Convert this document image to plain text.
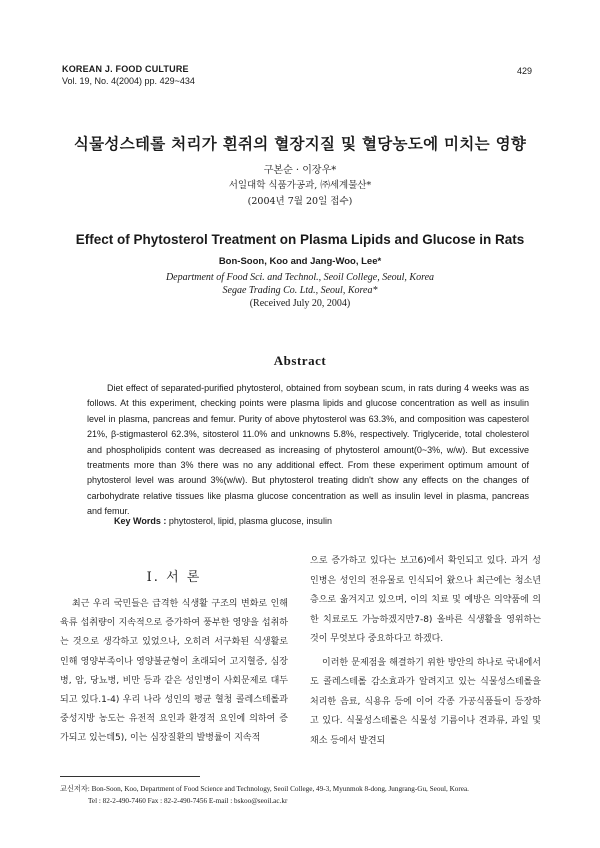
KOREAN J. FOOD CULTURE
Vol. 19, No. 4(2004) pp. 429~434
429
식물성스테롤 처리가 흰쥐의 혈장지질 및 혈당농도에 미치는 영향
구본순 · 이장우*
서일대학 식품가공과, ㈜세계물산*
(2004년 7월 20일 접수)
Effect of Phytosterol Treatment on Plasma Lipids and Glucose in Rats
Bon-Soon, Koo and Jang-Woo, Lee*
Department of Food Sci. and Technol., Seoil College, Seoul, Korea
Segae Trading Co. Ltd., Seoul, Korea*
(Received July 20, 2004)
Abstract

Diet effect of separated-purified phytosterol, obtained from soybean scum, in rats during 4 weeks was as follows. At this experiment, checking points were plasma lipids and glucose concentration as well as insulin level in plasma, pancreas and femur. Purity of above phytosterol was 63.3%, and composition was capesterol 21%, β-stigmasterol 62.3%, sitosterol 11.0% and unknowns 5.8%, respectively. Triglyceride, total cholesterol and phospholipids content was decreased as increasing of phytosterol amount(0~3%, w/w). But excessive treatments more than 3% there was no any additional effect. From these experiment optimum amount of phytosterol level was around 3%(w/w). But phytosterol treating didn't show any effects on the changes of carbohydrate relative tissues like plasma glucose concentration as well as insulin level in plasma, pancreas and femur.

Key Words : phytosterol, lipid, plasma glucose, insulin
I. 서 론

최근 우리 국민들은 급격한 식생활 구조의 변화로 인해 육류 섭취량이 지속적으로 증가하여 풍부한 영양을 섭취하는 것으로 생각하고 있었으나, 오히려 서구화된 식생활로 인해 영양부족이나 영양불균형이 초래되어 고지혈증, 심장병, 암, 당뇨병, 비만 등과 같은 성인병이 사회문제로 대두되고 있다.1-4) 우리 나라 성인의 평균 혈청 콜레스테롤과 중성지방 농도는 유전적 요인과 환경적 요인에 의하여 증가되고 있는데5), 이는 심장질환의 발병률이 지속적

으로 증가하고 있다는 보고6)에서 확인되고 있다. 과거 성인병은 성인의 전유물로 인식되어 왔으나 최근에는 청소년층으로 옮겨지고 있으며, 이의 치료 및 예방은 의약품에 의한 치료로도 가능하겠지만7-8) 올바른 식생활을 영위하는 것이 무엇보다 중요하다고 하겠다.

이러한 문제점을 해결하기 위한 방안의 하나로 국내에서도 콜레스테롤 감소효과가 알려지고 있는 식물성스테롤을 처리한 음료, 식용유 등에 이어 각종 가공식품들이 등장하고 있다. 식물성스테롤은 식물성 기름이나 견과류, 과일 및 채소 등에서 발견되

교신저자: Bon-Soon, Koo, Department of Food Science and Technology, Seoil College, 49-3, Myunmok 8-dong, Jungrang-Gu, Seoul, Korea.
Tel : 82-2-490-7460 Fax : 82-2-490-7456 E-mail : bskoo@seoil.ac.kr
